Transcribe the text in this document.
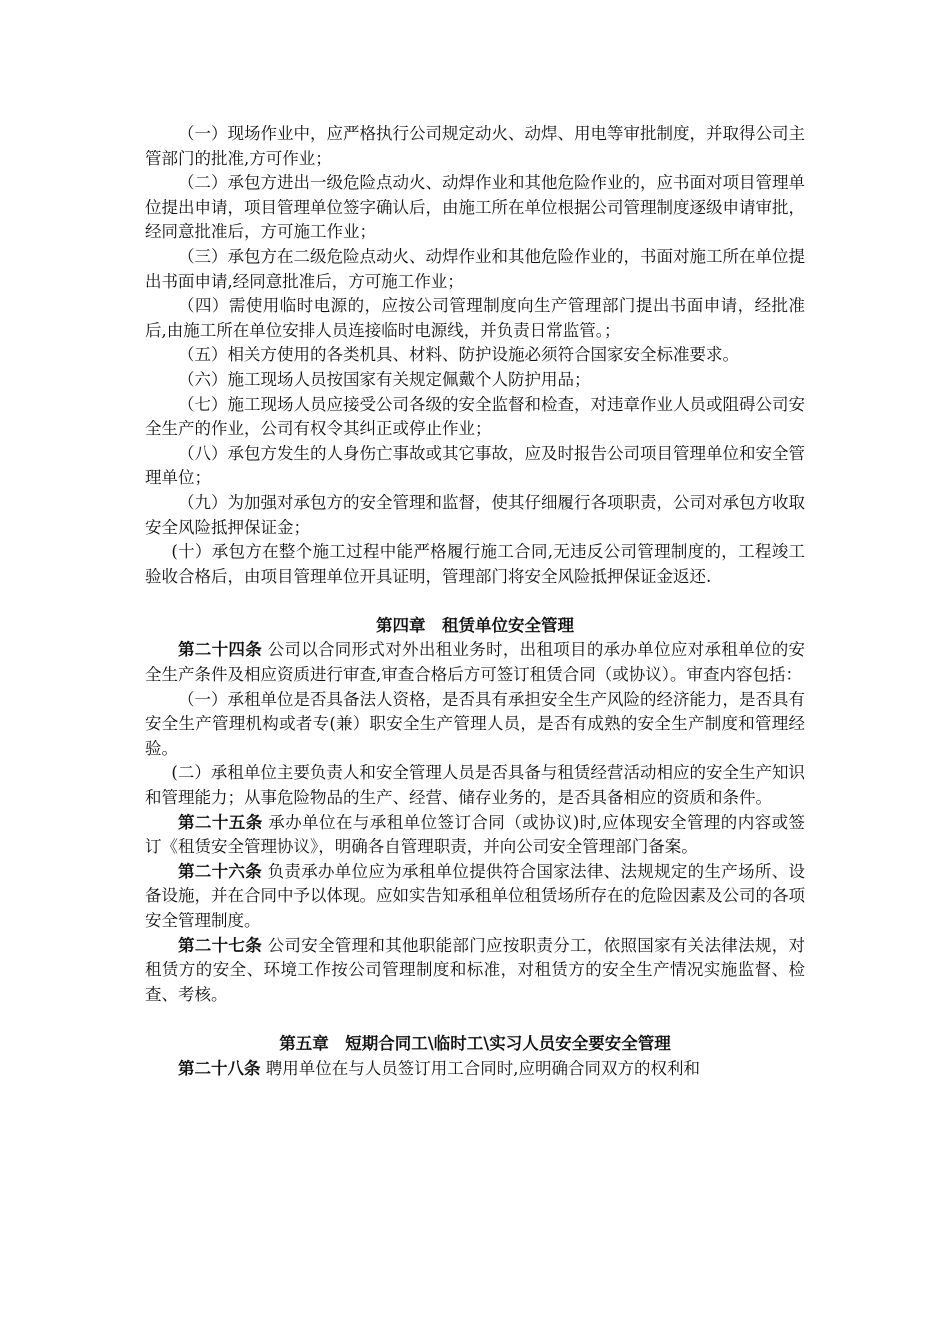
（一）现场作业中，应严格执行公司规定动火、动焊、用电等审批制度，并取得公司主管部门的批准,方可作业；

（二）承包方进出一级危险点动火、动焊作业和其他危险作业的，应书面对项目管理单位提出申请，项目管理单位签字确认后，由施工所在单位根据公司管理制度逐级申请审批，经同意批准后，方可施工作业；

（三）承包方在二级危险点动火、动焊作业和其他危险作业的，书面对施工所在单位提出书面申请,经同意批准后，方可施工作业；

（四）需使用临时电源的，应按公司管理制度向生产管理部门提出书面申请，经批准后,由施工所在单位安排人员连接临时电源线，并负责日常监管。；

（五）相关方使用的各类机具、材料、防护设施必须符合国家安全标准要求。

（六）施工现场人员按国家有关规定佩戴个人防护用品；

（七）施工现场人员应接受公司各级的安全监督和检查，对违章作业人员或阻碍公司安全生产的作业，公司有权令其纠正或停止作业；

（八）承包方发生的人身伤亡事故或其它事故，应及时报告公司项目管理单位和安全管理单位；

（九）为加强对承包方的安全管理和监督，使其仔细履行各项职责，公司对承包方收取安全风险抵押保证金；

(十）承包方在整个施工过程中能严格履行施工合同,无违反公司管理制度的，工程竣工验收合格后，由项目管理单位开具证明，管理部门将安全风险抵押保证金返还.

第四章　租赁单位安全管理

第二十四条 公司以合同形式对外出租业务时，出租项目的承办单位应对承租单位的安全生产条件及相应资质进行审查,审查合格后方可签订租赁合同（或协议）。审查内容包括：

（一）承租单位是否具备法人资格，是否具有承担安全生产风险的经济能力，是否具有安全生产管理机构或者专(兼）职安全生产管理人员，是否有成熟的安全生产制度和管理经验。

(二）承租单位主要负责人和安全管理人员是否具备与租赁经营活动相应的安全生产知识和管理能力；从事危险物品的生产、经营、储存业务的，是否具备相应的资质和条件。

第二十五条 承办单位在与承租单位签订合同（或协议)时,应体现安全管理的内容或签订《租赁安全管理协议》，明确各自管理职责，并向公司安全管理部门备案。

第二十六条 负责承办单位应为承租单位提供符合国家法律、法规规定的生产场所、设备设施，并在合同中予以体现。应如实告知承租单位租赁场所存在的危险因素及公司的各项安全管理制度。

第二十七条 公司安全管理和其他职能部门应按职责分工，依照国家有关法律法规，对租赁方的安全、环境工作按公司管理制度和标准，对租赁方的安全生产情况实施监督、检查、考核。

第五章　短期合同工\临时工\实习人员安全要安全管理

第二十八条 聘用单位在与人员签订用工合同时,应明确合同双方的权利和
